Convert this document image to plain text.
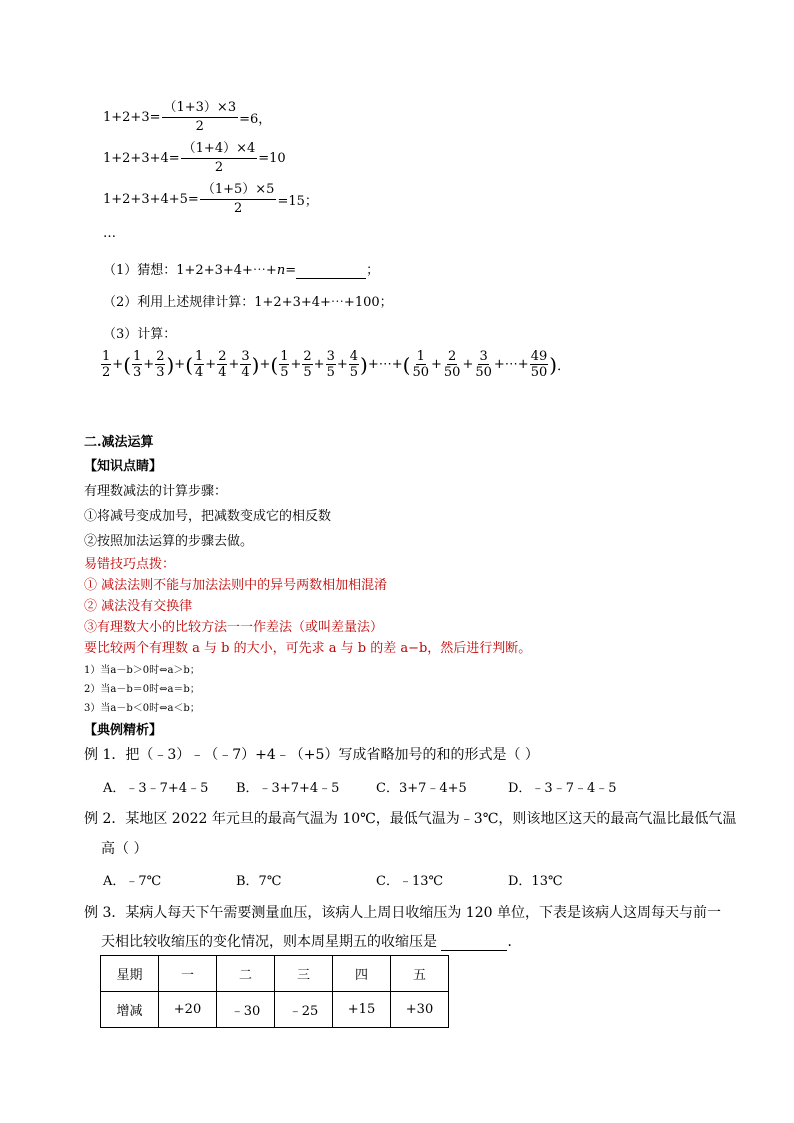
$1+2+3= \frac{(1+3)\times 3}{2} =6$，
$1+2+3+4= \frac{(1+4)\times 4}{2} =10$
$1+2+3+4+5= \frac{(1+5)\times 5}{2} =15$；
…
（1）猜想：1+2+3+4+⋯+n=	；
（2）利用上述规律计算：1+2+3+4+⋯+100；
（3）计算：
$\frac{1}{2}$ + ( $\frac{1}{3} + \frac{2}{3}$ ) + ( $\frac{1}{4} + \frac{2}{4} + \frac{3}{4}$ ) + ( $\frac{1}{5} + \frac{2}{5} + \frac{3}{5} + \frac{4}{5}$ ) +⋯+ ( $\frac{1}{50} + \frac{2}{50} + \frac{3}{50}$ +⋯+ $\frac{49}{50}$ ) ．
二.减法运算
【知识点睛】
有理数减法的计算步骤：
①将减号变成加号，把减数变成它的相反数
②按照加法运算的步骤去做。
易错技巧点拨：
① 减法法则不能与加法法则中的异号两数相加相混淆
② 减法没有交换律
③有理数大小的比较方法一一作差法（或叫差量法）
要比较两个有理数 a 与 b 的大小，可先求 a 与 b 的差 a−b，然后进行判断。
1）当a－b＞0时⇔a＞b；
2）当a－b＝0时⇔a＝b；
3）当a－b＜0时⇔a＜b；
【典例精析】
例 1．把（﹣3）﹣（﹣7）+4﹣（+5）写成省略加号的和的形式是（ ）
A．﹣3﹣7+4﹣5 B．﹣3+7+4﹣5	C．3+7﹣4+5	D．﹣3﹣7﹣4﹣5
例 2．某地区 2022 年元旦的最高气温为 10℃，最低气温为﹣3℃，则该地区这天的最高气温比最低气温
高（ ）
A．﹣7℃	B．7℃	C．﹣13℃	D．13℃
例 3．某病人每天下午需要测量血压，该病人上周日收缩压为 120 单位，下表是该病人这周每天与前一
天相比较收缩压的变化情况，则本周星期五的收缩压是	．
星期	一	二	三	四	五
增减	+20	﹣30	﹣25	+15	+30
